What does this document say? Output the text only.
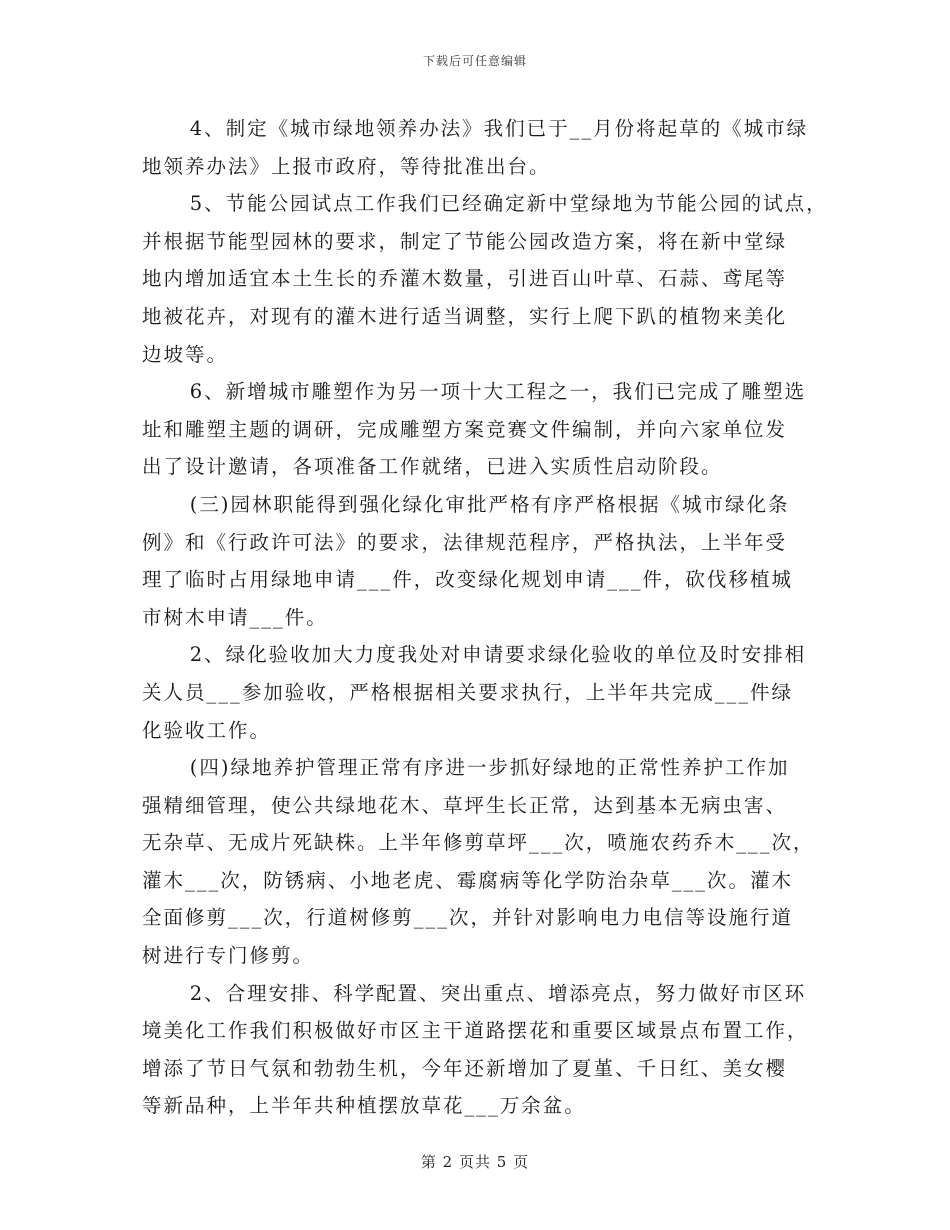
下载后可任意编辑
4、制定《城市绿地领养办法》我们已于__月份将起草的《城市绿
地领养办法》上报市政府，等待批准出台。
5、节能公园试点工作我们已经确定新中堂绿地为节能公园的试点，
并根据节能型园林的要求，制定了节能公园改造方案，将在新中堂绿
地内增加适宜本土生长的乔灌木数量，引进百山叶草、石蒜、鸢尾等
地被花卉，对现有的灌木进行适当调整，实行上爬下趴的植物来美化
边坡等。
6、新增城市雕塑作为另一项十大工程之一，我们已完成了雕塑选
址和雕塑主题的调研，完成雕塑方案竞赛文件编制，并向六家单位发
出了设计邀请，各项准备工作就绪，已进入实质性启动阶段。
(三)园林职能得到强化绿化审批严格有序严格根据《城市绿化条
例》和《行政许可法》的要求，法律规范程序，严格执法，上半年受
理了临时占用绿地申请___件，改变绿化规划申请___件，砍伐移植城
市树木申请___件。
2、绿化验收加大力度我处对申请要求绿化验收的单位及时安排相
关人员___参加验收，严格根据相关要求执行，上半年共完成___件绿
化验收工作。
(四)绿地养护管理正常有序进一步抓好绿地的正常性养护工作加
强精细管理，使公共绿地花木、草坪生长正常，达到基本无病虫害、
无杂草、无成片死缺株。上半年修剪草坪___次，喷施农药乔木___次，
灌木___次，防锈病、小地老虎、霉腐病等化学防治杂草___次。灌木
全面修剪___次，行道树修剪___次，并针对影响电力电信等设施行道
树进行专门修剪。
2、合理安排、科学配置、突出重点、增添亮点，努力做好市区环
境美化工作我们积极做好市区主干道路摆花和重要区域景点布置工作，
增添了节日气氛和勃勃生机，今年还新增加了夏堇、千日红、美女樱
等新品种，上半年共种植摆放草花___万余盆。
第 2 页共 5 页
